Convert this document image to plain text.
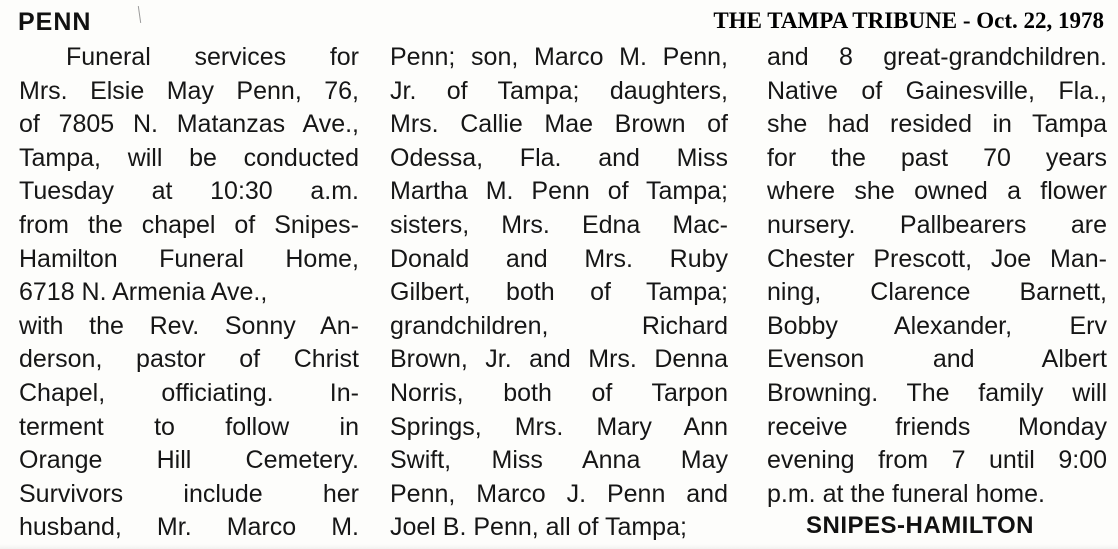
PENN	THE TAMPA TRIBUNE - Oct. 22, 1978
Funeral services for
Mrs. Elsie May Penn, 76,
of 7805 N. Matanzas Ave.,
Tampa, will be conducted
Tuesday at 10:30 a.m.
from the chapel of Snipes-
Hamilton Funeral Home,
6718 N. Armenia Ave.,
with the Rev. Sonny An-
derson, pastor of Christ
Chapel, officiating. In-
terment to follow in
Orange Hill Cemetery.
Survivors include her
husband, Mr. Marco M.
Penn; son, Marco M. Penn,
Jr. of Tampa; daughters,
Mrs. Callie Mae Brown of
Odessa, Fla. and Miss
Martha M. Penn of Tampa;
sisters, Mrs. Edna Mac-
Donald and Mrs. Ruby
Gilbert, both of Tampa;
grandchildren, Richard
Brown, Jr. and Mrs. Denna
Norris, both of Tarpon
Springs, Mrs. Mary Ann
Swift, Miss Anna May
Penn, Marco J. Penn and
Joel B. Penn, all of Tampa;
and 8 great-grandchildren.
Native of Gainesville, Fla.,
she had resided in Tampa
for the past 70 years
where she owned a flower
nursery. Pallbearers are
Chester Prescott, Joe Man-
ning, Clarence Barnett,
Bobby Alexander, Erv
Evenson and Albert
Browning. The family will
receive friends Monday
evening from 7 until 9:00
p.m. at the funeral home.
SNIPES-HAMILTON
